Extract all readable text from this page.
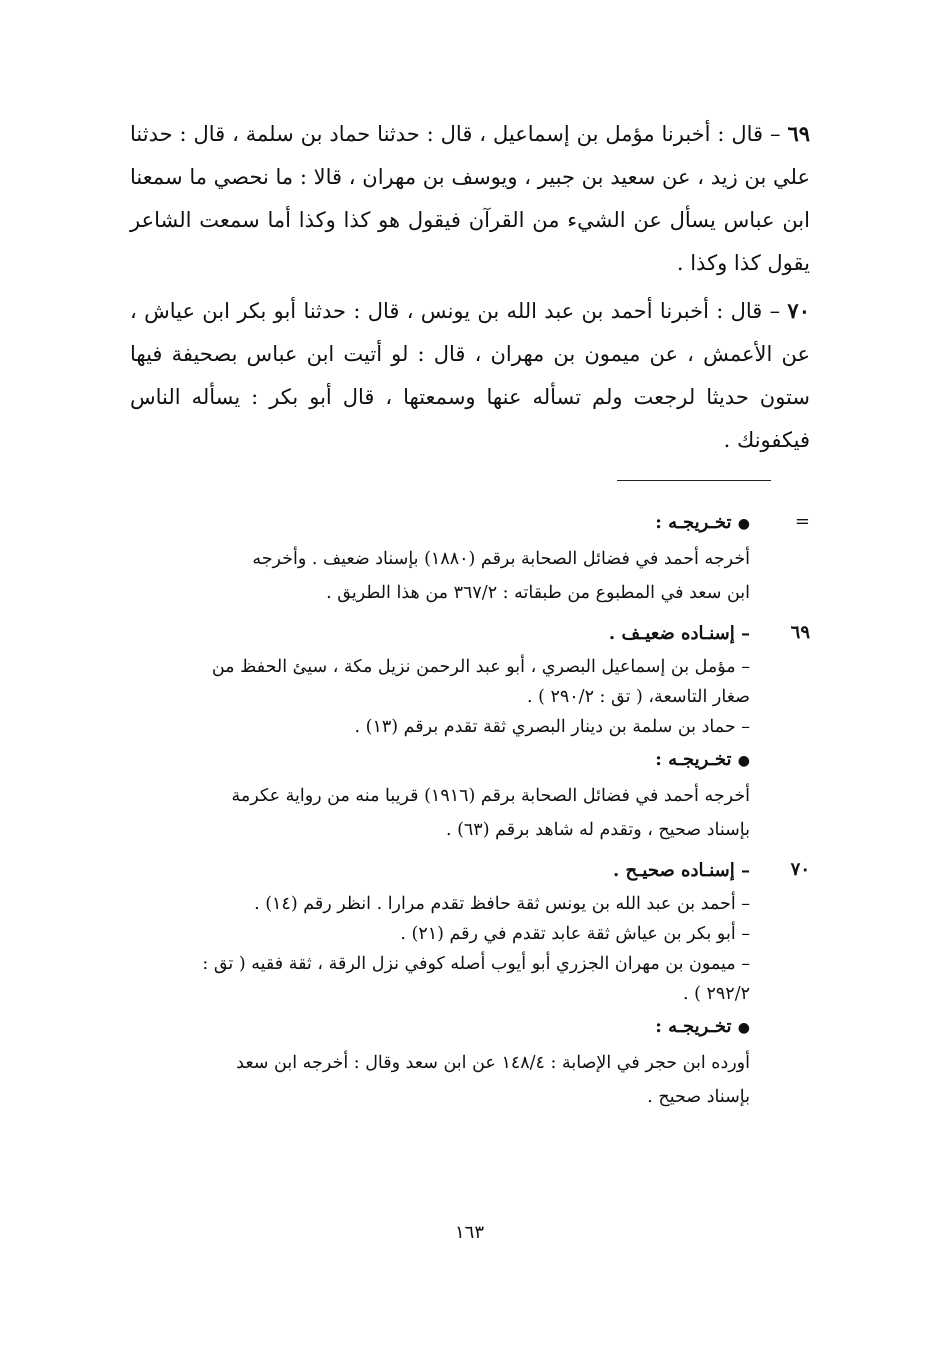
٦٩ – قال : أخبرنا مؤمل بن إسماعيل ، قال : حدثنا حماد بن سلمة ، قال : حدثنا علي بن زيد ، عن سعيد بن جبير ، ويوسف بن مهران ، قالا : ما نحصي ما سمعنا ابن عباس يسأل عن الشيء من القرآن فيقول هو كذا وكذا أما سمعت الشاعر يقول كذا وكذا .

٧٠ – قال : أخبرنا أحمد بن عبد الله بن يونس ، قال : حدثنا أبو بكر ابن عياش ، عن الأعمش ، عن ميمون بن مهران ، قال : لو أتيت ابن عباس بصحيفة فيها ستون حديثا لرجعت ولم تسأله عنها وسمعتها ، قال أبو بكر : يسأله الناس فيكفونك .

=
● تخـريجـه :
أخرجه أحمد في فضائل الصحابة برقم (١٨٨٠) بإسناد ضعيف . وأخرجه
ابن سعد في المطبوع من طبقاته : ٣٦٧/٢ من هذا الطريق .
٦٩
– إسنـاده ضعيـف .
– مؤمل بن إسماعيل البصري ، أبو عبد الرحمن نزيل مكة ، سيئ الحفظ من
صغار التاسعة، ( تق : ٢٩٠/٢ ) .
– حماد بن سلمة بن دينار البصري ثقة تقدم برقم (١٣) .
● تخـريجـه :
أخرجه أحمد في فضائل الصحابة برقم (١٩١٦) قريبا منه من رواية عكرمة
بإسناد صحيح ، وتقدم له شاهد برقم (٦٣) .
٧٠
– إسنـاده صحيـح .
– أحمد بن عبد الله بن يونس ثقة حافظ تقدم مرارا . انظر رقم (١٤) .
– أبو بكر بن عياش ثقة عابد تقدم في رقم (٢١) .
– ميمون بن مهران الجزري أبو أيوب أصله كوفي نزل الرقة ، ثقة فقيه ( تق :
٢٩٢/٢ ) .
● تخـريجـه :
أورده ابن حجر في الإصابة : ١٤٨/٤ عن ابن سعد وقال : أخرجه ابن سعد
بإسناد صحيح .
١٦٣
